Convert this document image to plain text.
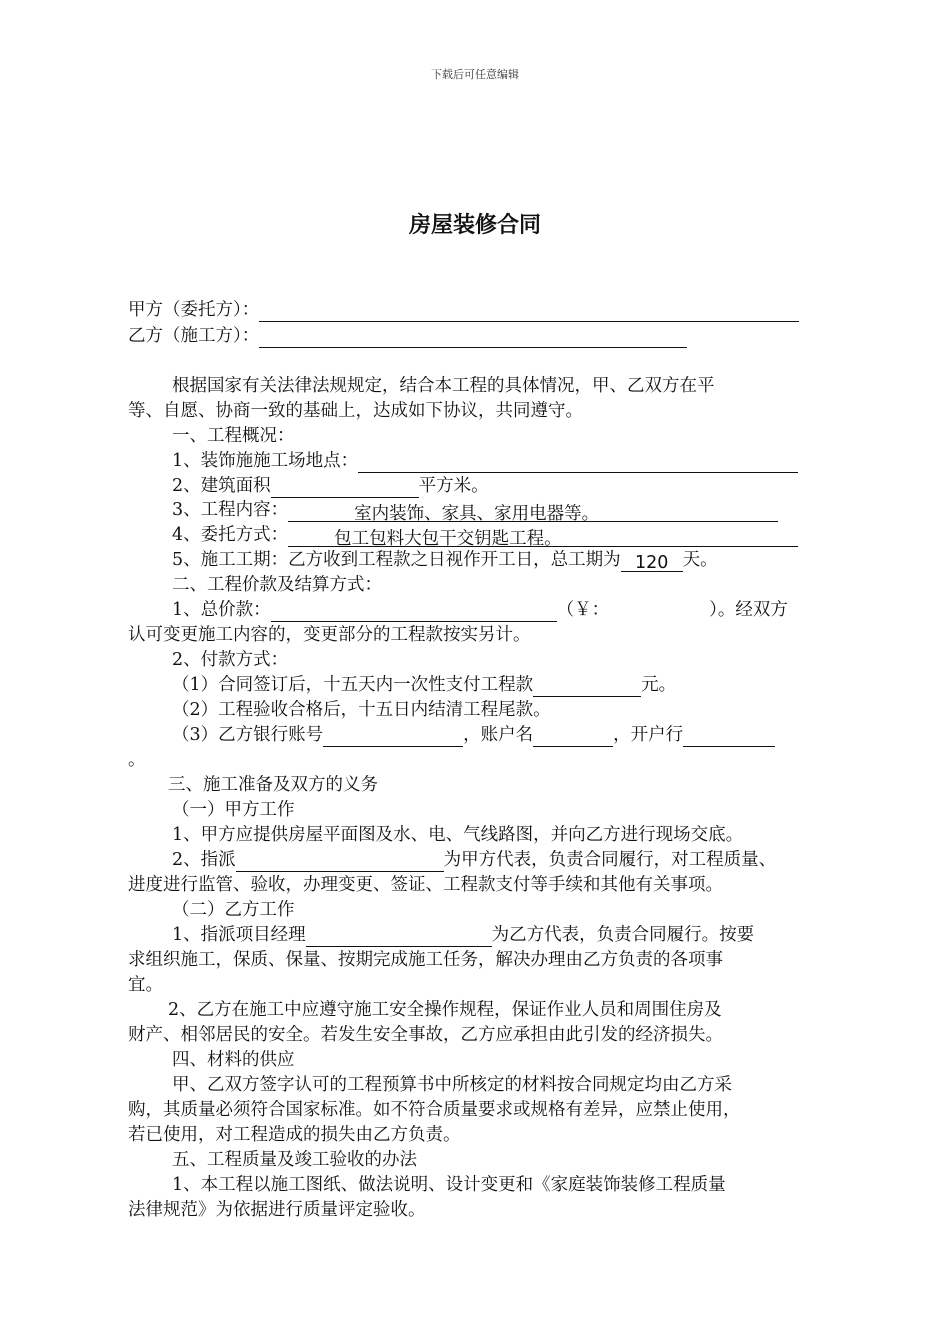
下载后可任意编辑
房屋装修合同
甲方（委托方）：
乙方（施工方）：
根据国家有关法律法规规定，结合本工程的具体情况，甲、乙双方在平
等、自愿、协商一致的基础上，达成如下协议，共同遵守。
一、工程概况：
1、装饰施施工场地点：
2、建筑面积	平方米。
3、工程内容：	室内装饰、家具、家用电器等。
4、委托方式：	包工包料大包干交钥匙工程。
5、施工工期：乙方收到工程款之日视作开工日，总工期为 120 天。
二、工程价款及结算方式：
1、总价款：	（￥：	）。经双方
认可变更施工内容的，变更部分的工程款按实另计。
2、付款方式：
（1）合同签订后，十五天内一次性支付工程款	元。
（2）工程验收合格后，十五日内结清工程尾款。
（3）乙方银行账号	，账户名	，开户行
。
三、施工准备及双方的义务
（一）甲方工作
1、甲方应提供房屋平面图及水、电、气线路图，并向乙方进行现场交底。
2、指派	为甲方代表，负责合同履行，对工程质量、
进度进行监管、验收，办理变更、签证、工程款支付等手续和其他有关事项。
（二）乙方工作
1、指派项目经理	为乙方代表，负责合同履行。按要
求组织施工，保质、保量、按期完成施工任务，解决办理由乙方负责的各项事
宜。
2、乙方在施工中应遵守施工安全操作规程，保证作业人员和周围住房及
财产、相邻居民的安全。若发生安全事故，乙方应承担由此引发的经济损失。
四、材料的供应
甲、乙双方签字认可的工程预算书中所核定的材料按合同规定均由乙方采
购，其质量必须符合国家标准。如不符合质量要求或规格有差异，应禁止使用，
若已使用，对工程造成的损失由乙方负责。
五、工程质量及竣工验收的办法
1、本工程以施工图纸、做法说明、设计变更和《家庭装饰装修工程质量
法律规范》为依据进行质量评定验收。
